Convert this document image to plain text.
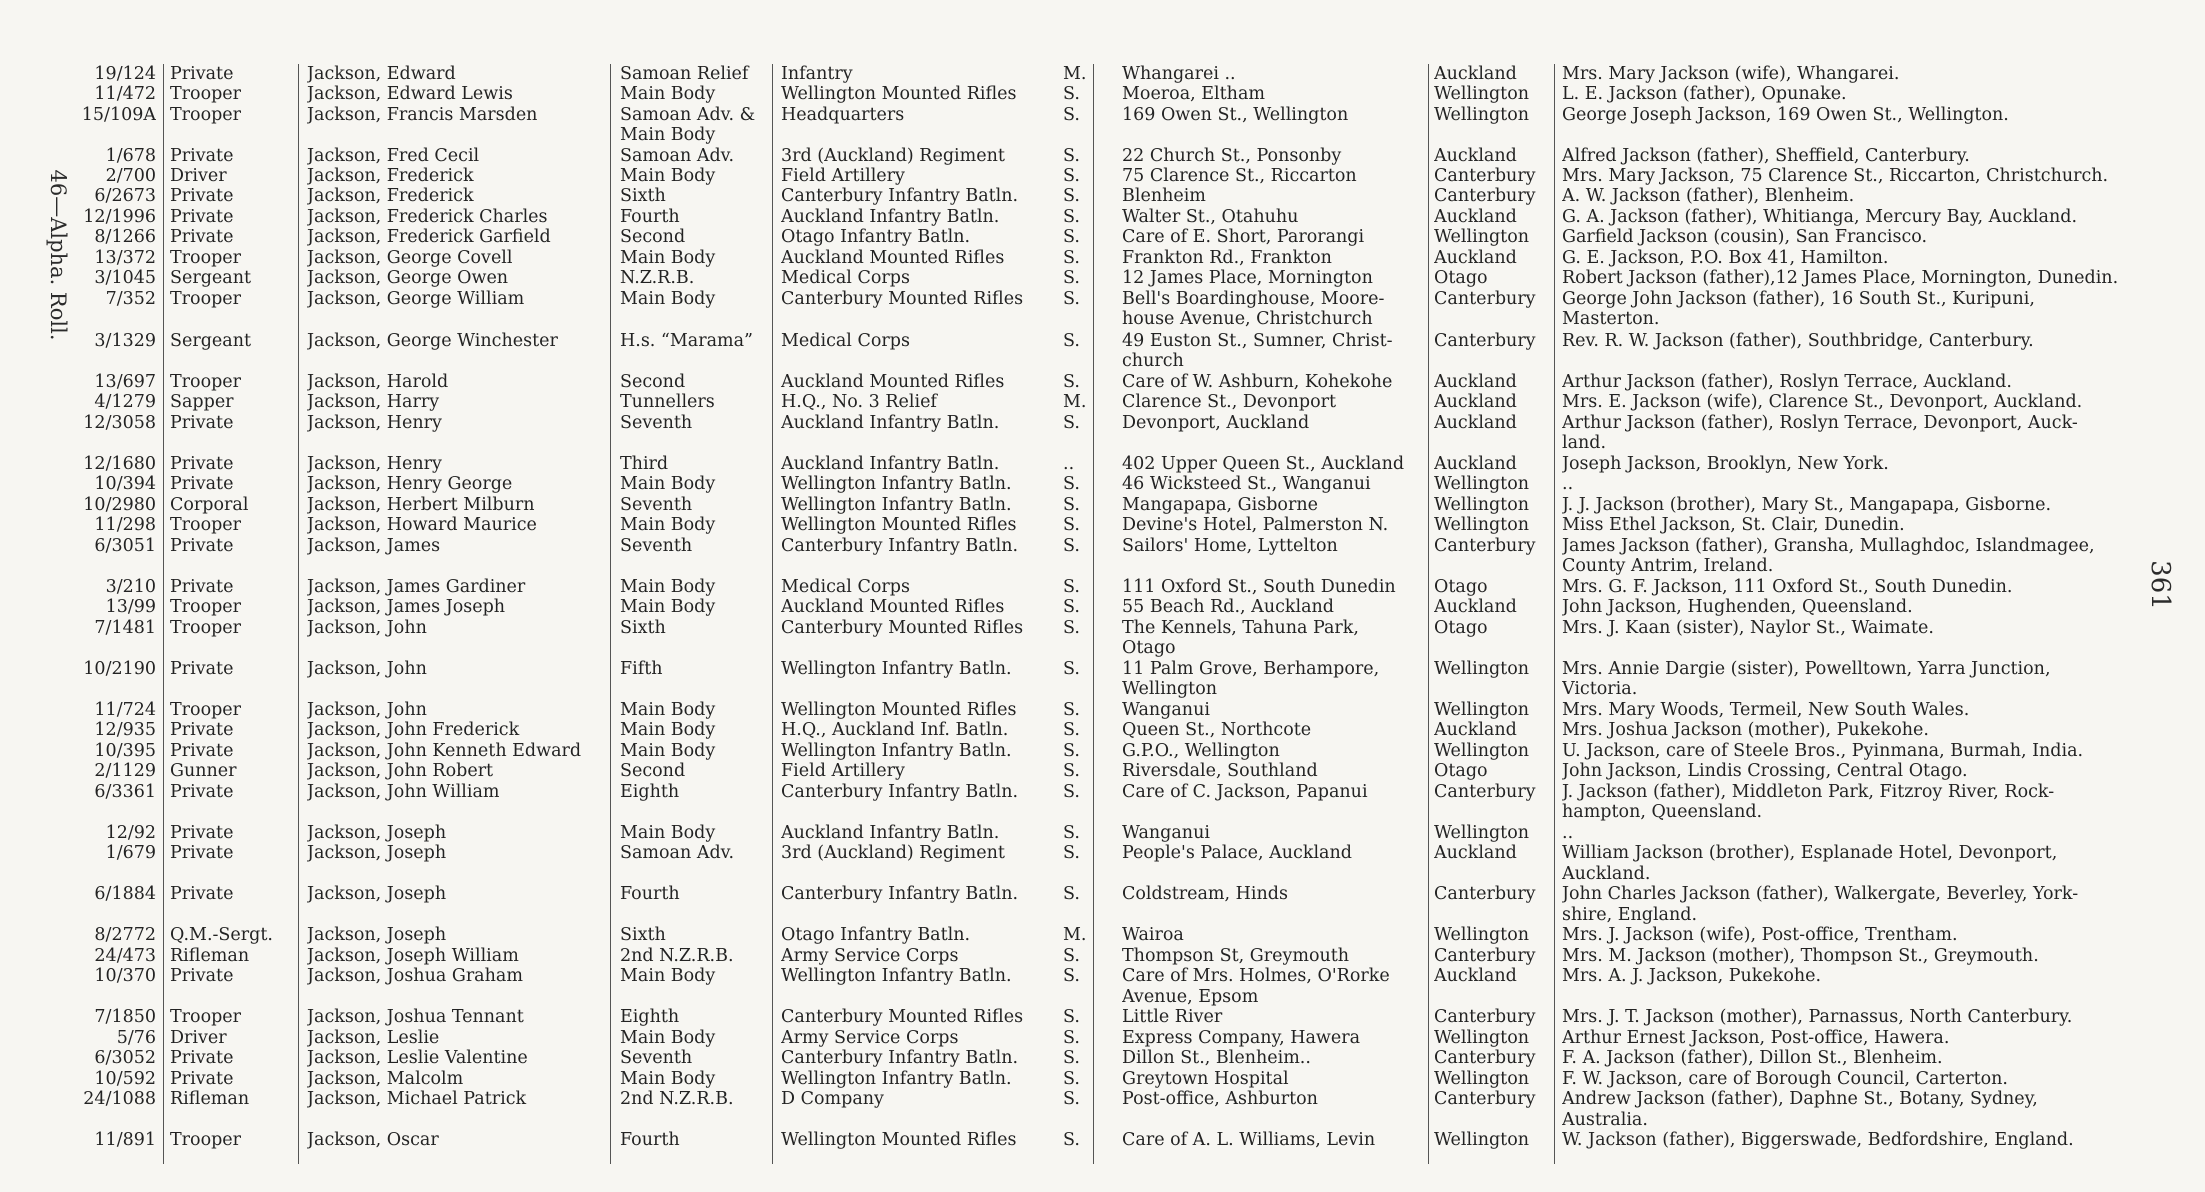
46—Alpha. Roll.
361
19/124 Private	Jackson, Edward	Samoan Relief	Infantry	M. Whangarei ..	Auckland	Mrs. Mary Jackson (wife), Whangarei.
11/472 Trooper	Jackson, Edward Lewis	Main Body	Wellington Mounted Rifles	S.	Moeroa, Eltham	Wellington	L. E. Jackson (father), Opunake.
15/109A Trooper	Jackson, Francis Marsden	Samoan Adv. &	Headquarters	S.	169 Owen St., Wellington	Wellington	George Joseph Jackson, 169 Owen St., Wellington.
Main Body
1/678 Private	Jackson, Fred Cecil	Samoan Adv.	3rd (Auckland) Regiment	S.	22 Church St., Ponsonby	Auckland	Alfred Jackson (father), Sheffield, Canterbury.
2/700 Driver	Jackson, Frederick	Main Body	Field Artillery	S.	75 Clarence St., Riccarton	Canterbury	Mrs. Mary Jackson, 75 Clarence St., Riccarton, Christchurch.
6/2673 Private	Jackson, Frederick	Sixth	Canterbury Infantry Batln.	S.	Blenheim	Canterbury	A. W. Jackson (father), Blenheim.
12/1996 Private	Jackson, Frederick Charles	Fourth	Auckland Infantry Batln.	S.	Walter St., Otahuhu	Auckland	G. A. Jackson (father), Whitianga, Mercury Bay, Auckland.
8/1266 Private	Jackson, Frederick Garfield	Second	Otago Infantry Batln.	S.	Care of E. Short, Parorangi	Wellington	Garfield Jackson (cousin), San Francisco.
13/372 Trooper	Jackson, George Covell	Main Body	Auckland Mounted Rifles	S.	Frankton Rd., Frankton	Auckland	G. E. Jackson, P.O. Box 41, Hamilton.
3/1045 Sergeant	Jackson, George Owen	N.Z.R.B.	Medical Corps	S.	12 James Place, Mornington	Otago	Robert Jackson (father),12 James Place, Mornington, Dunedin.
7/352 Trooper	Jackson, George William	Main Body	Canterbury Mounted Rifles	S.	Bell's Boardinghouse, Moore-	Canterbury	George John Jackson (father), 16 South St., Kuripuni,
house Avenue, Christchurch	Masterton.
3/1329 Sergeant	Jackson, George Winchester	H.s. “Marama”	Medical Corps	S.	49 Euston St., Sumner, Christ-	Canterbury	Rev. R. W. Jackson (father), Southbridge, Canterbury.
church
13/697 Trooper	Jackson, Harold	Second	Auckland Mounted Rifles	S.	Care of W. Ashburn, Kohekohe	Auckland	Arthur Jackson (father), Roslyn Terrace, Auckland.
4/1279 Sapper	Jackson, Harry	Tunnellers	H.Q., No. 3 Relief	M. Clarence St., Devonport	Auckland	Mrs. E. Jackson (wife), Clarence St., Devonport, Auckland.
12/3058 Private	Jackson, Henry	Seventh	Auckland Infantry Batln.	S.	Devonport, Auckland	Auckland	Arthur Jackson (father), Roslyn Terrace, Devonport, Auck-
land.
12/1680 Private	Jackson, Henry	Third	Auckland Infantry Batln.	..	402 Upper Queen St., Auckland	Auckland	Joseph Jackson, Brooklyn, New York.
10/394 Private	Jackson, Henry George	Main Body	Wellington Infantry Batln.	S.	46 Wicksteed St., Wanganui	Wellington	..
10/2980 Corporal	Jackson, Herbert Milburn	Seventh	Wellington Infantry Batln.	S.	Mangapapa, Gisborne	Wellington	J. J. Jackson (brother), Mary St., Mangapapa, Gisborne.
11/298 Trooper	Jackson, Howard Maurice	Main Body	Wellington Mounted Rifles	S.	Devine's Hotel, Palmerston N.	Wellington	Miss Ethel Jackson, St. Clair, Dunedin.
6/3051 Private	Jackson, James	Seventh	Canterbury Infantry Batln.	S.	Sailors' Home, Lyttelton	Canterbury	James Jackson (father), Gransha, Mullaghdoc, Islandmagee,
County Antrim, Ireland.
3/210 Private	Jackson, James Gardiner	Main Body	Medical Corps	S.	111 Oxford St., South Dunedin	Otago	Mrs. G. F. Jackson, 111 Oxford St., South Dunedin.
13/99 Trooper	Jackson, James Joseph	Main Body	Auckland Mounted Rifles	S.	55 Beach Rd., Auckland	Auckland	John Jackson, Hughenden, Queensland.
7/1481 Trooper	Jackson, John	Sixth	Canterbury Mounted Rifles	S.	The Kennels, Tahuna Park,	Otago	Mrs. J. Kaan (sister), Naylor St., Waimate.
Otago
10/2190 Private	Jackson, John	Fifth	Wellington Infantry Batln.	S.	11 Palm Grove, Berhampore,	Wellington	Mrs. Annie Dargie (sister), Powelltown, Yarra Junction,
Wellington	Victoria.
11/724 Trooper	Jackson, John	Main Body	Wellington Mounted Rifles	S.	Wanganui	Wellington	Mrs. Mary Woods, Termeil, New South Wales.
12/935 Private	Jackson, John Frederick	Main Body	H.Q., Auckland Inf. Batln.	S.	Queen St., Northcote	Auckland	Mrs. Joshua Jackson (mother), Pukekohe.
10/395 Private	Jackson, John Kenneth Edward	Main Body	Wellington Infantry Batln.	S.	G.P.O., Wellington	Wellington	U. Jackson, care of Steele Bros., Pyinmana, Burmah, India.
2/1129 Gunner	Jackson, John Robert	Second	Field Artillery	S.	Riversdale, Southland	Otago	John Jackson, Lindis Crossing, Central Otago.
6/3361 Private	Jackson, John William	Eighth	Canterbury Infantry Batln.	S.	Care of C. Jackson, Papanui	Canterbury	J. Jackson (father), Middleton Park, Fitzroy River, Rock-
hampton, Queensland.
12/92 Private	Jackson, Joseph	Main Body	Auckland Infantry Batln.	S.	Wanganui	Wellington	..
1/679 Private	Jackson, Joseph	Samoan Adv.	3rd (Auckland) Regiment	S.	People's Palace, Auckland	Auckland	William Jackson (brother), Esplanade Hotel, Devonport,
Auckland.
6/1884 Private	Jackson, Joseph	Fourth	Canterbury Infantry Batln.	S.	Coldstream, Hinds	Canterbury	John Charles Jackson (father), Walkergate, Beverley, York-
shire, England.
8/2772 Q.M.-Sergt.	Jackson, Joseph	Sixth	Otago Infantry Batln.	M. Wairoa	Wellington	Mrs. J. Jackson (wife), Post-office, Trentham.
24/473 Rifleman	Jackson, Joseph William	2nd N.Z.R.B.	Army Service Corps	S.	Thompson St, Greymouth	Canterbury	Mrs. M. Jackson (mother), Thompson St., Greymouth.
10/370 Private	Jackson, Joshua Graham	Main Body	Wellington Infantry Batln.	S.	Care of Mrs. Holmes, O'Rorke	Auckland	Mrs. A. J. Jackson, Pukekohe.
Avenue, Epsom
7/1850 Trooper	Jackson, Joshua Tennant	Eighth	Canterbury Mounted Rifles	S.	Little River	Canterbury	Mrs. J. T. Jackson (mother), Parnassus, North Canterbury.
5/76 Driver	Jackson, Leslie	Main Body	Army Service Corps	S.	Express Company, Hawera	Wellington	Arthur Ernest Jackson, Post-office, Hawera.
6/3052 Private	Jackson, Leslie Valentine	Seventh	Canterbury Infantry Batln.	S.	Dillon St., Blenheim..	Canterbury	F. A. Jackson (father), Dillon St., Blenheim.
10/592 Private	Jackson, Malcolm	Main Body	Wellington Infantry Batln.	S.	Greytown Hospital	Wellington	F. W. Jackson, care of Borough Council, Carterton.
24/1088 Rifleman	Jackson, Michael Patrick	2nd N.Z.R.B.	D Company	S.	Post-office, Ashburton	Canterbury	Andrew Jackson (father), Daphne St., Botany, Sydney,
Australia.
11/891 Trooper	Jackson, Oscar	Fourth	Wellington Mounted Rifles	S.	Care of A. L. Williams, Levin	Wellington	W. Jackson (father), Biggerswade, Bedfordshire, England.
